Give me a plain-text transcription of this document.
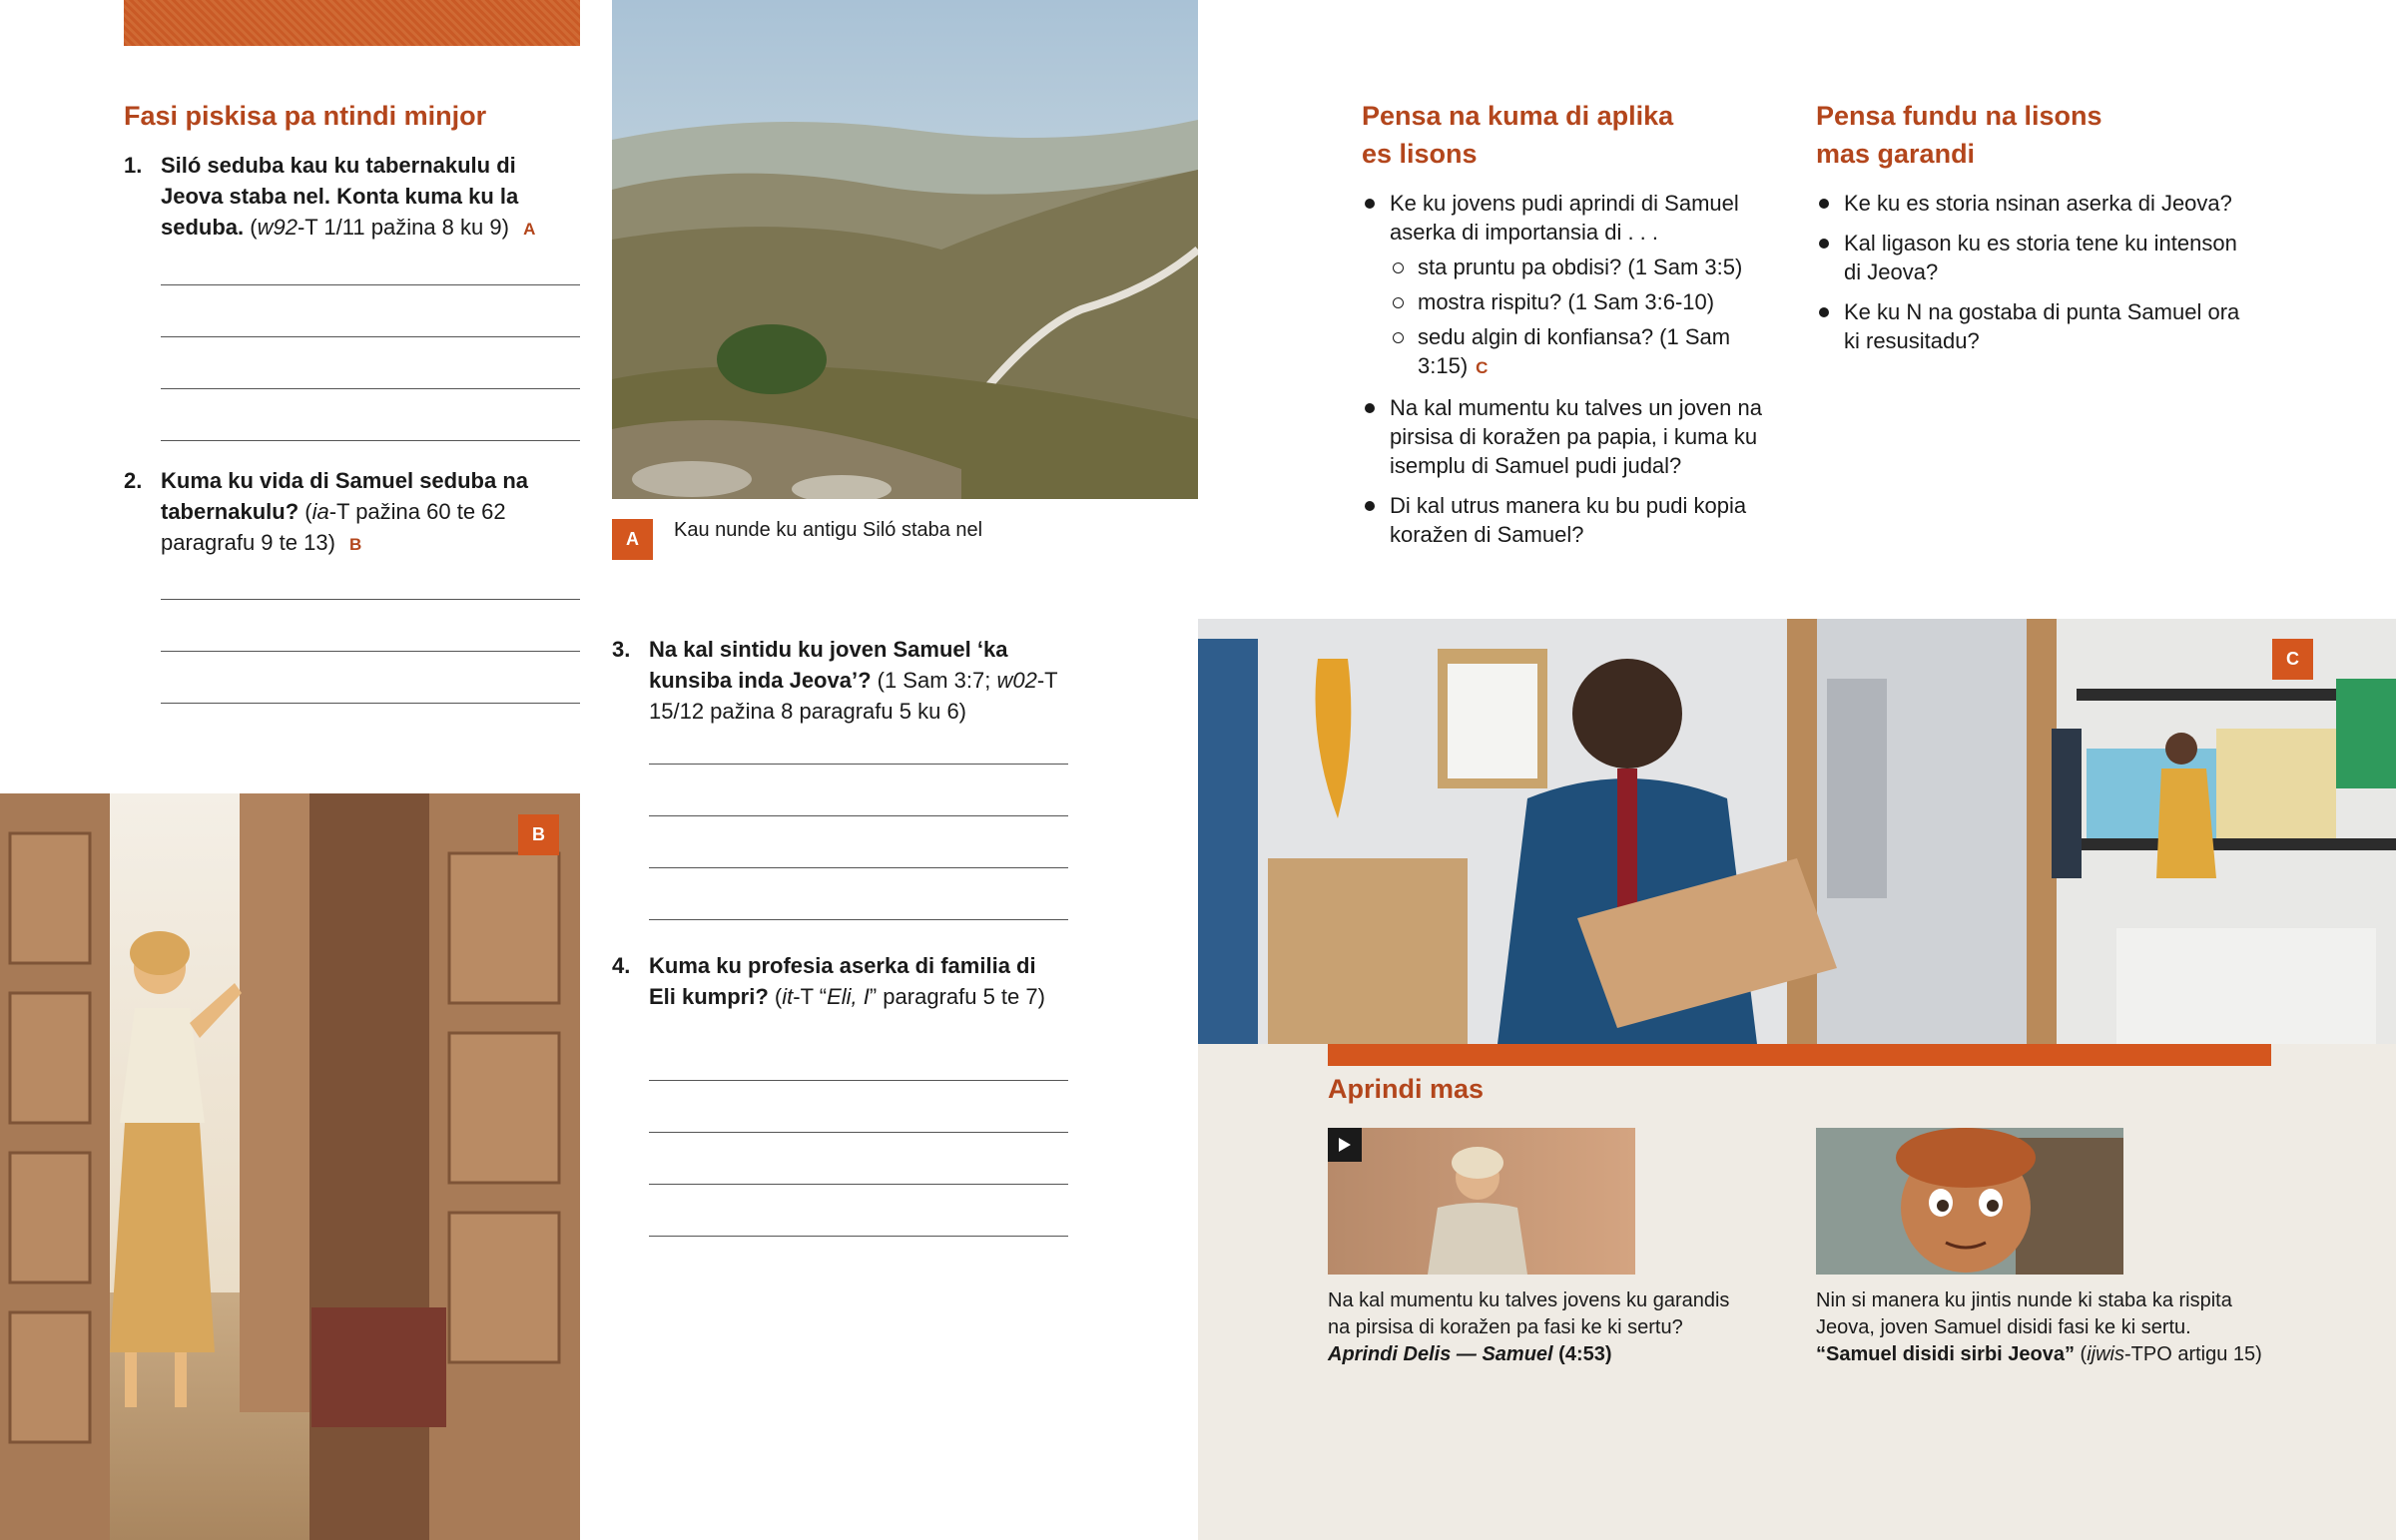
Fasi piskisa pa ntindi minjor
1. Siló seduba kau ku tabernakulu di Jeova staba nel. Konta kuma ku la seduba. (w92-T 1/11 pažina 8 ku 9) A
2. Kuma ku vida di Samuel seduba na tabernakulu? (ia-T pažina 60 te 62 paragrafu 9 te 13) B
B
A	Kau nunde ku antigu Siló staba nel
3. Na kal sintidu ku joven Samuel ‘ka kunsiba inda Jeova’? (1 Sam 3:7; w02-T 15/12 pažina 8 paragrafu 5 ku 6)
4. Kuma ku profesia aserka di familia di Eli kumpri? (it-T “Eli, I” paragrafu 5 te 7)
Pensa na kuma di aplika
es lisons
Ke ku jovens pudi aprindi di Samuel aserka di importansia di . . .
sta pruntu pa obdisi? (1 Sam 3:5)
mostra rispitu? (1 Sam 3:6-10)
sedu algin di konfiansa? (1 Sam 3:15) C
Na kal mumentu ku talves un joven na pirsisa di koražen pa papia, i kuma ku isemplu di Samuel pudi judal?
Di kal utrus manera ku bu pudi kopia koražen di Samuel?
Pensa fundu na lisons
mas garandi
Ke ku es storia nsinan aserka di Jeova?
Kal ligason ku es storia tene ku intenson di Jeova?
Ke ku N na gostaba di punta Samuel ora ki resusitadu?
C
Aprindi mas
Na kal mumentu ku talves jovens ku garandis na pirsisa di koražen pa fasi ke ki sertu?
Aprindi Delis — Samuel (4:53)
Nin si manera ku jintis nunde ki staba ka rispita Jeova, joven Samuel disidi fasi ke ki sertu.
“Samuel disidi sirbi Jeova” (ijwis-TPO artigu 15)
